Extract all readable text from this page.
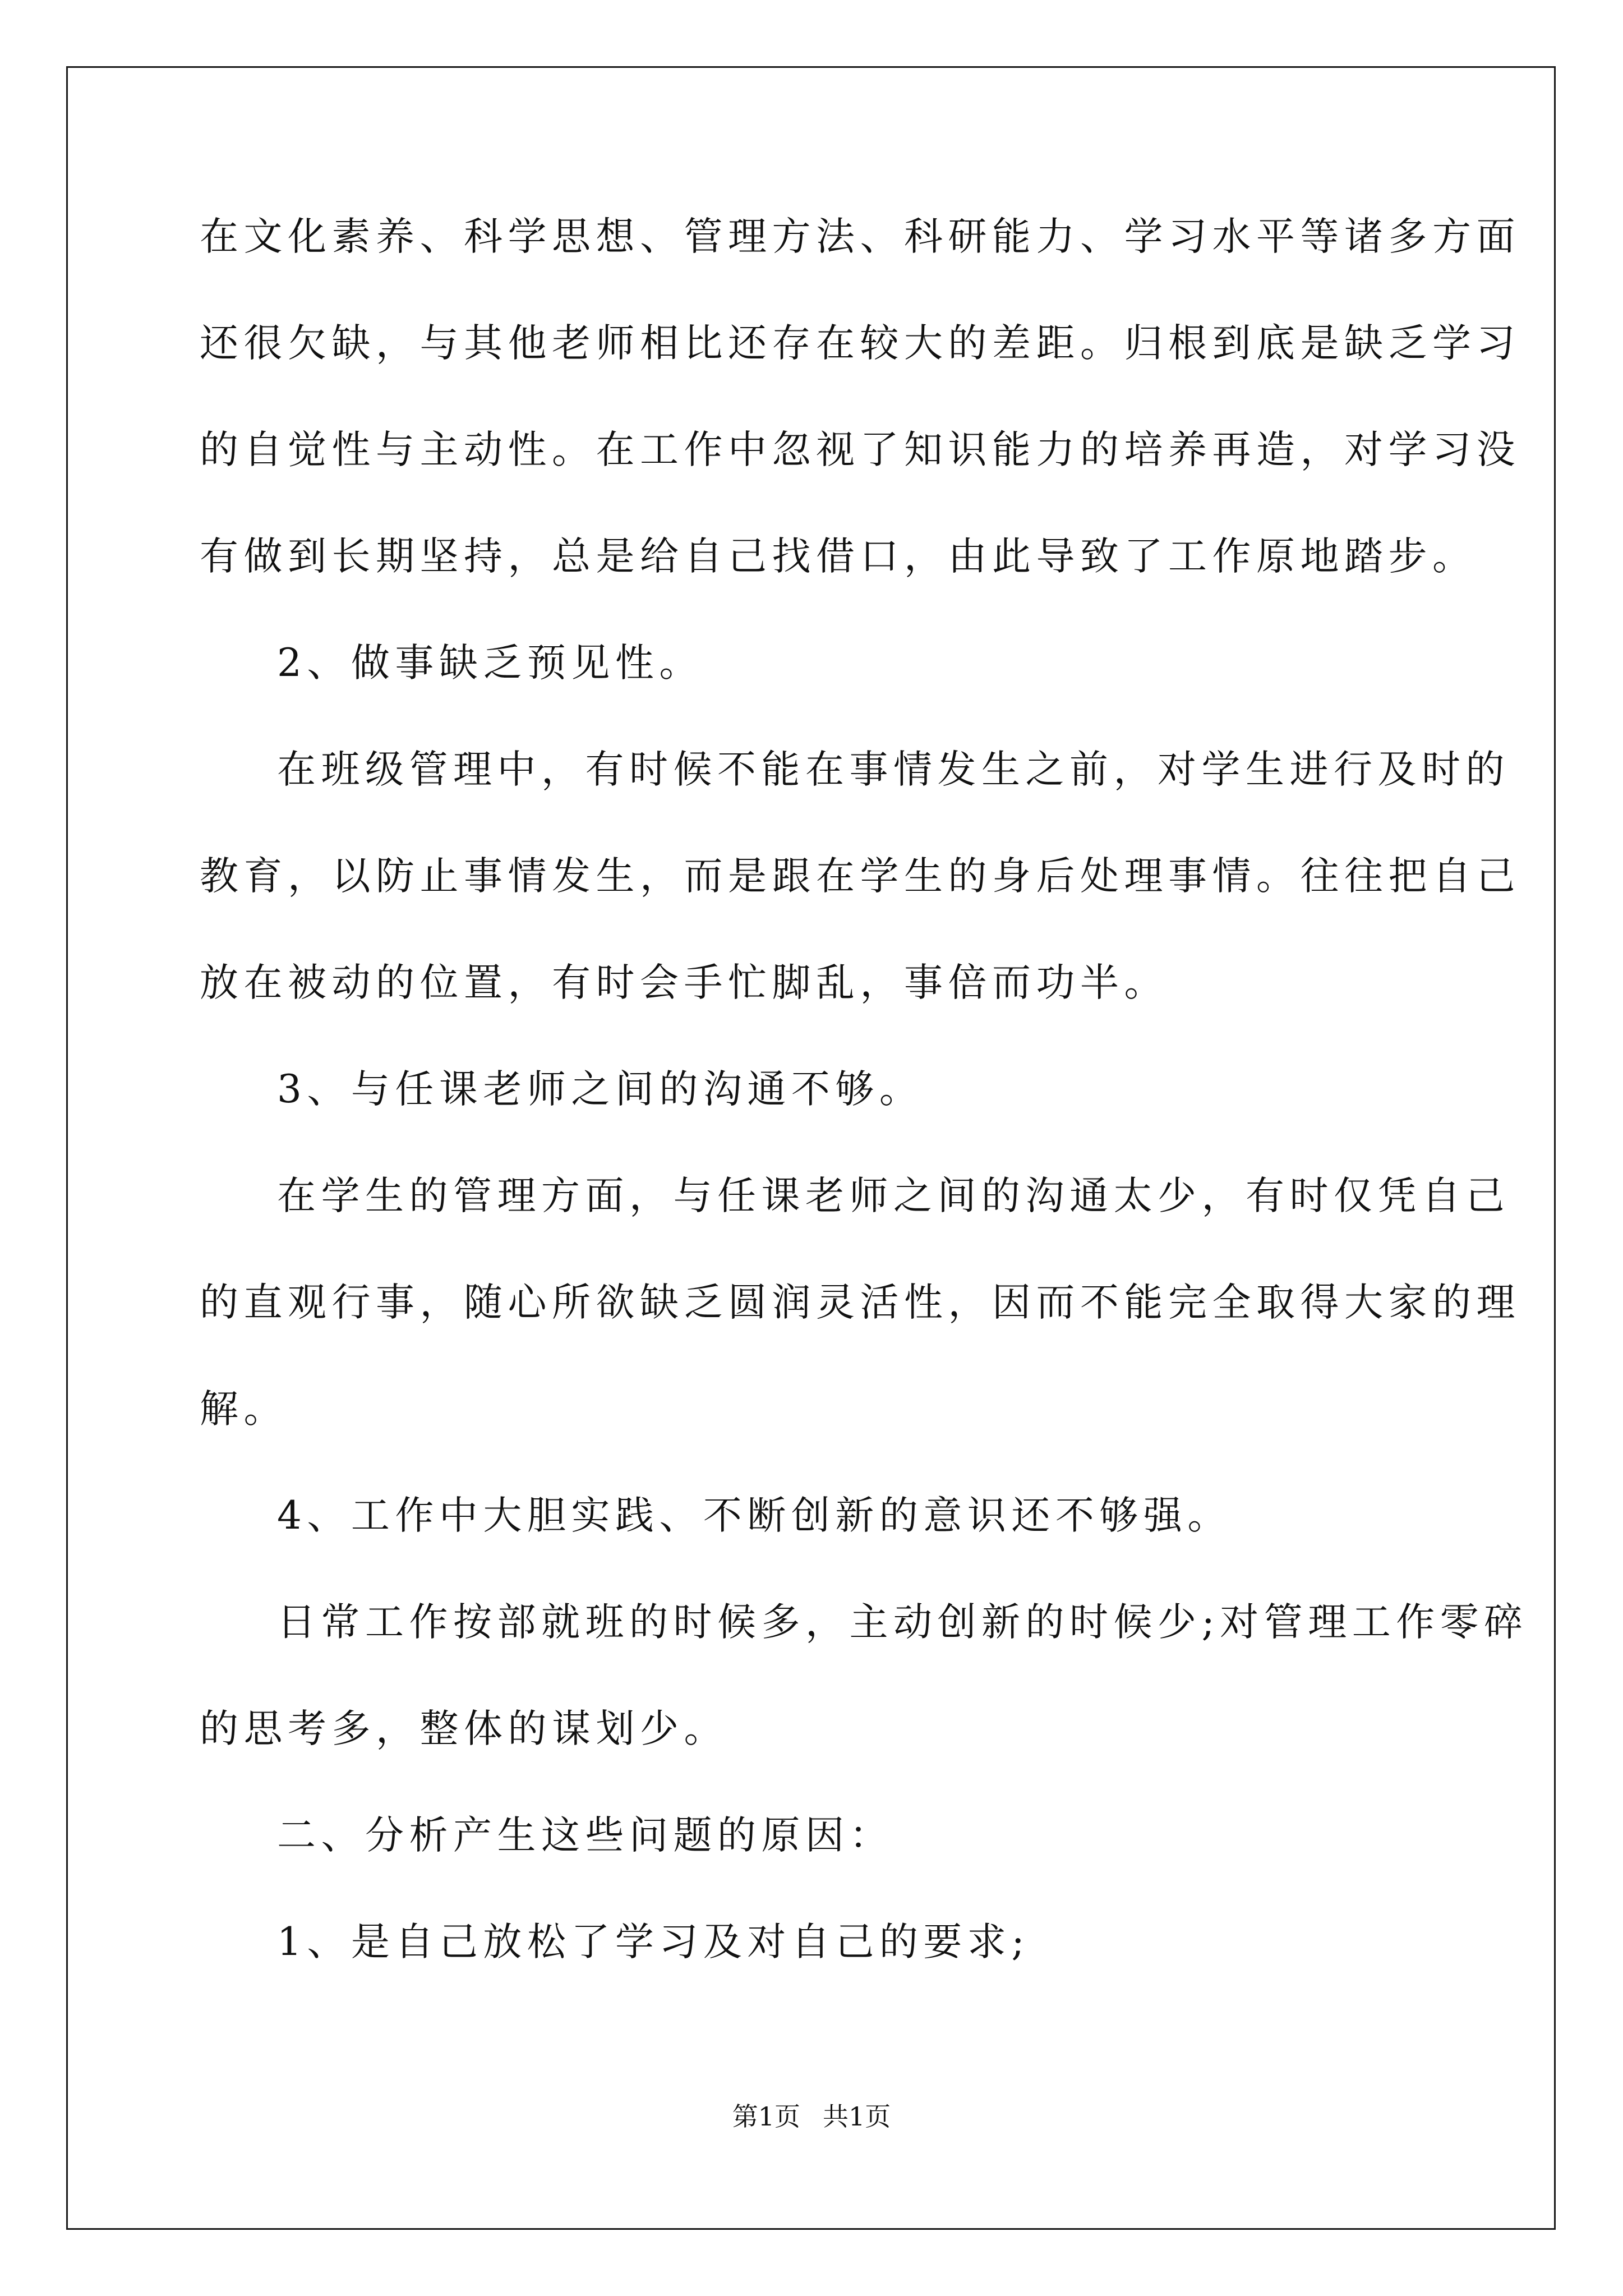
在文化素养、科学思想、管理方法、科研能力、学习水平等诸多方面
还很欠缺，与其他老师相比还存在较大的差距。归根到底是缺乏学习
的自觉性与主动性。在工作中忽视了知识能力的培养再造，对学习没
有做到长期坚持，总是给自己找借口，由此导致了工作原地踏步。
2、做事缺乏预见性。
在班级管理中，有时候不能在事情发生之前，对学生进行及时的
教育，以防止事情发生，而是跟在学生的身后处理事情。往往把自己
放在被动的位置，有时会手忙脚乱，事倍而功半。
3、与任课老师之间的沟通不够。
在学生的管理方面，与任课老师之间的沟通太少，有时仅凭自己
的直观行事，随心所欲缺乏圆润灵活性，因而不能完全取得大家的理
解。
4、工作中大胆实践、不断创新的意识还不够强。
日常工作按部就班的时候多，主动创新的时候少;对管理工作零碎
的思考多，整体的谋划少。
二、分析产生这些问题的原因：
1、是自己放松了学习及对自己的要求;
第1页 共1页
